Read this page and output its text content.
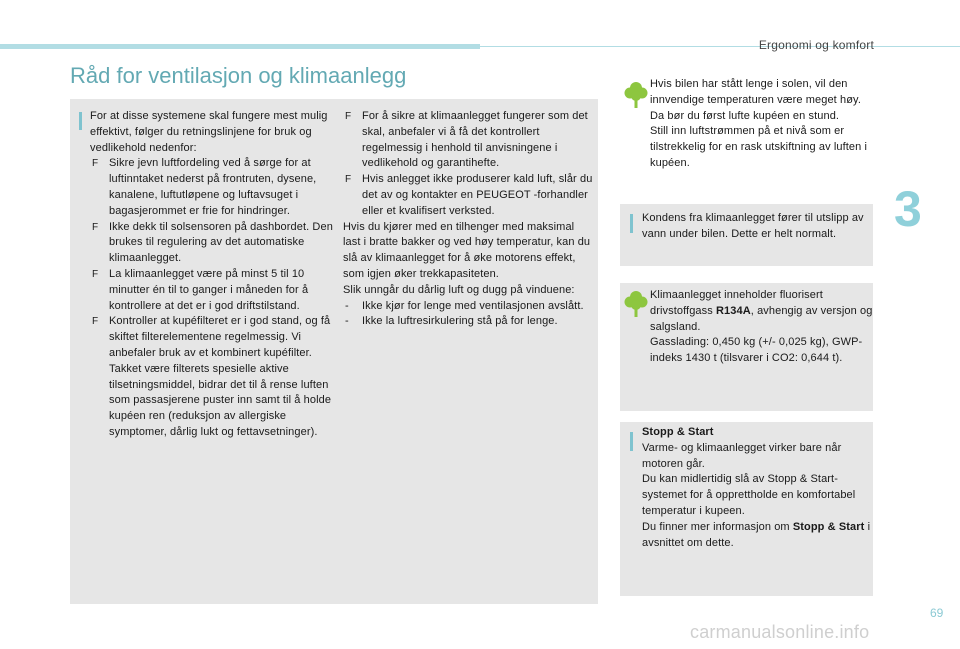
Ergonomi og komfort
3
Råd for ventilasjon og klimaanlegg

For at disse systemene skal fungere mest mulig effektivt, følger du retningslinjene for bruk og vedlikehold nedenfor:

F Sikre jevn luftfordeling ved å sørge for at luftinntaket nederst på frontruten, dysene, kanalene, luftutløpene og luftavsuget i bagasjerommet er frie for hindringer.
F Ikke dekk til solsensoren på dashbordet. Den brukes til regulering av det automatiske klimaanlegget.
F La klimaanlegget være på minst 5 til 10 minutter én til to ganger i måneden for å kontrollere at det er i god driftstilstand.
F Kontroller at kupéfilteret er i god stand, og få skiftet filterelementene regelmessig. Vi anbefaler bruk av et kombinert kupéfilter. Takket være filterets spesielle aktive tilsetningsmiddel, bidrar det til å rense luften som passasjerene puster inn samt til å holde kupéen ren (reduksjon av allergiske symptomer, dårlig lukt og fettavsetninger).
F For å sikre at klimaanlegget fungerer som det skal, anbefaler vi å få det kontrollert regelmessig i henhold til anvisningene i vedlikehold og garantihefte.
F Hvis anlegget ikke produserer kald luft, slår du det av og kontakter en PEUGEOT -forhandler eller et kvalifisert verksted.

Hvis du kjører med en tilhenger med maksimal last i bratte bakker og ved høy temperatur, kan du slå av klimaanlegget for å øke motorens effekt, som igjen øker trekkapasiteten.

Slik unngår du dårlig luft og dugg på vinduene:

- Ikke kjør for lenge med ventilasjonen avslått.
- Ikke la luftresirkulering stå på for lenge.

Hvis bilen har stått lenge i solen, vil den innvendige temperaturen være meget høy. Da bør du først lufte kupéen en stund.

Still inn luftstrømmen på et nivå som er tilstrekkelig for en rask utskiftning av luften i kupéen.

Kondens fra klimaanlegget fører til utslipp av vann under bilen. Dette er helt normalt.

Klimaanlegget inneholder fluorisert drivstoffgass R134A, avhengig av versjon og salgsland.

Gasslading: 0,450 kg (+/- 0,025 kg), GWP-indeks 1430 t (tilsvarer i CO2: 0,644 t).

Stopp & Start

Varme- og klimaanlegget virker bare når motoren går.

Du kan midlertidig slå av Stopp & Start-systemet for å opprettholde en komfortabel temperatur i kupeen.

Du finner mer informasjon om Stopp & Start i avsnittet om dette.

69
carmanualsonline.info
